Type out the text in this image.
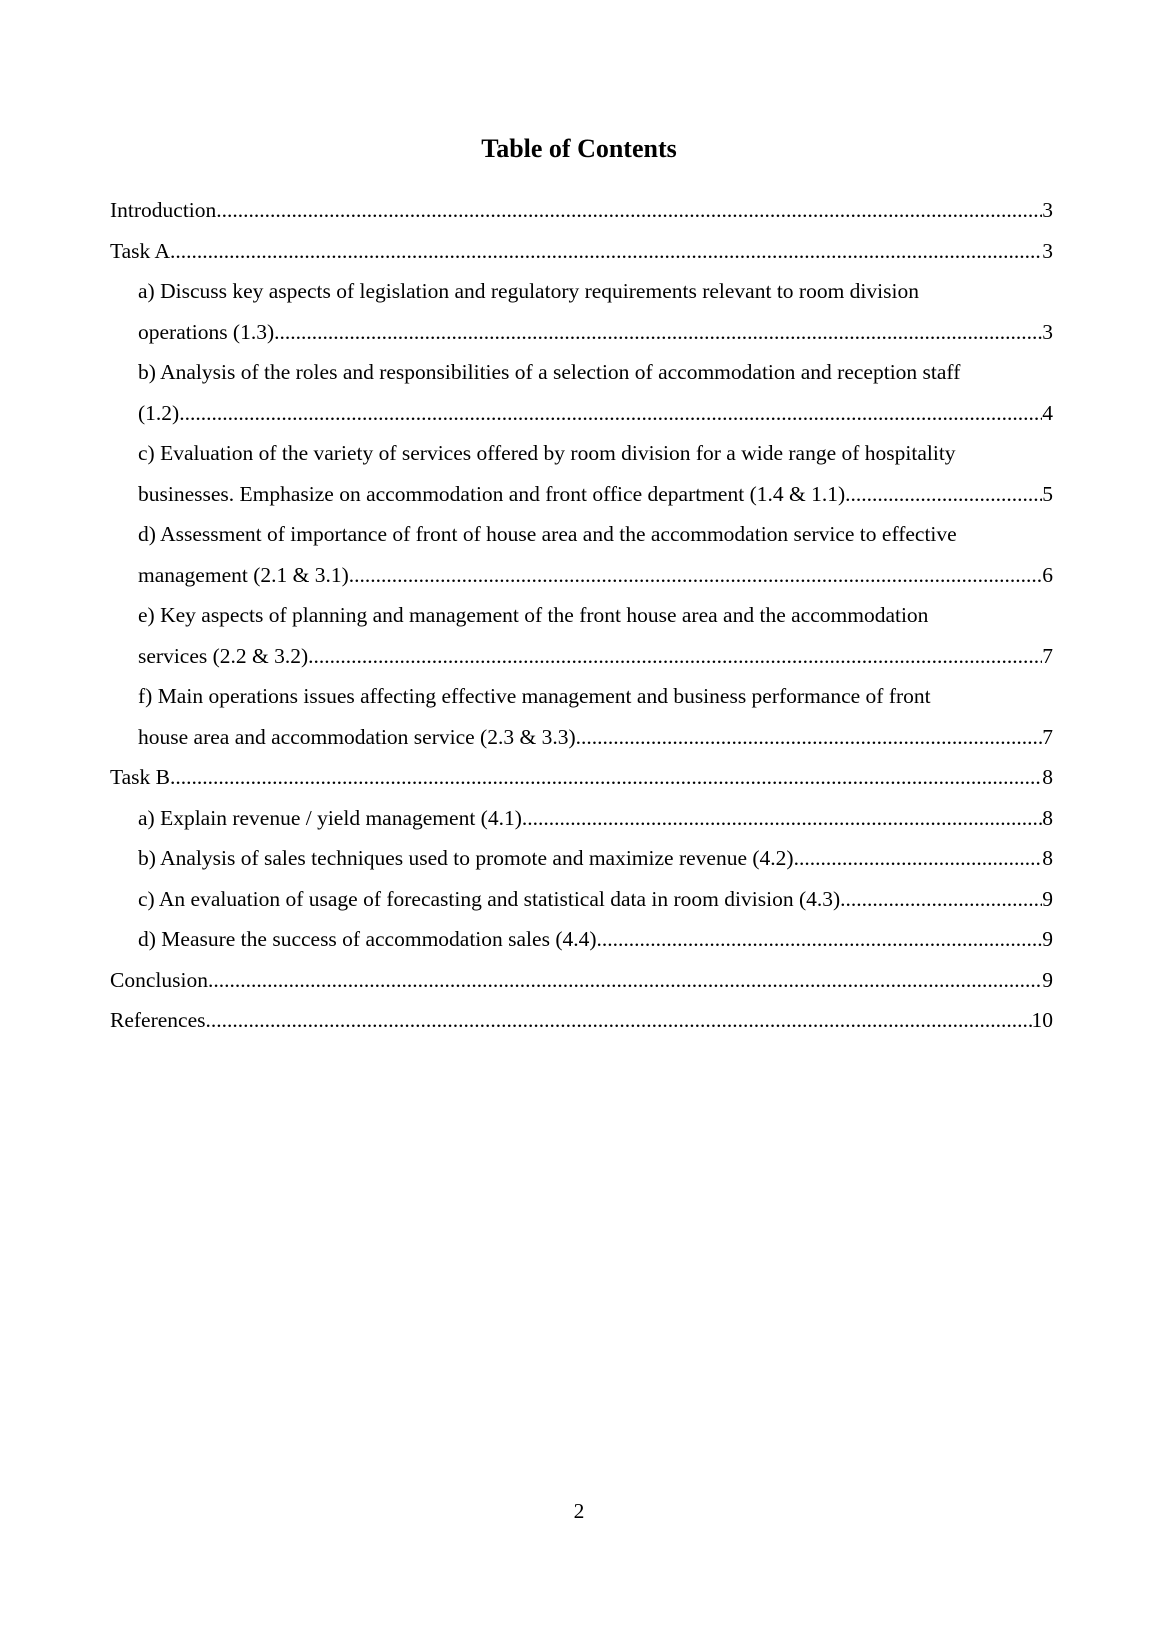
Table of Contents
Introduction .....	3
Task A .....	3
a) Discuss key aspects of legislation and regulatory requirements relevant to room division
operations (1.3) .....	3
b) Analysis of the roles and responsibilities of a selection of accommodation and reception staff
(1.2) .....	4
c) Evaluation of the variety of services offered by room division for a wide range of hospitality
businesses. Emphasize on accommodation and front office department (1.4 & 1.1) .....	5
d) Assessment of importance of front of house area and the accommodation service to effective
management (2.1 & 3.1) .....	6
e) Key aspects of planning and management of the front house area and the accommodation
services (2.2 & 3.2) .....	7
f) Main operations issues affecting effective management and business performance of front
house area and accommodation service (2.3 & 3.3) .....	7
Task B .....	8
a) Explain revenue / yield management (4.1) .....	8
b) Analysis of sales techniques used to promote and maximize revenue (4.2) .....	8
c) An evaluation of usage of forecasting and statistical data in room division (4.3) .....	9
d) Measure the success of accommodation sales (4.4) .....	9
Conclusion .....	9
References .....	10
2
